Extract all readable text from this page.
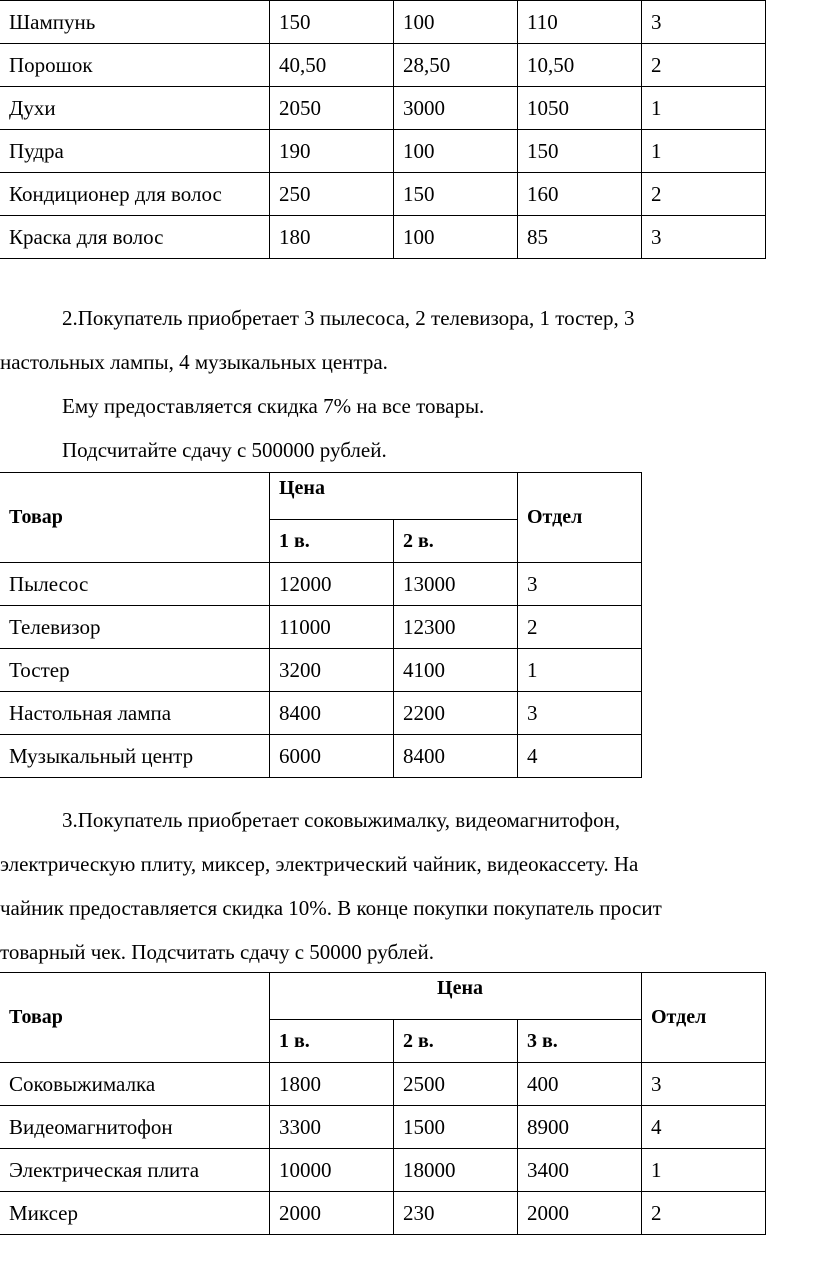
Шампунь	150	100	110	3
Порошок	40,50	28,50	10,50	2
Духи	2050	3000	1050	1
Пудра	190	100	150	1
Кондиционер для волос	250	150	160	2
Краска для волос	180	100	85	3
2.Покупатель приобретает 3 пылесоса, 2 телевизора, 1 тостер, 3
настольных лампы, 4 музыкальных центра.
Ему предоставляется скидка 7% на все товары.
Подсчитайте сдачу с 500000 рублей.
Товар	Цена		Отдел
	1 в.	2 в.	
Пылесос	12000	13000	3
Телевизор	11000	12300	2
Тостер	3200	4100	1
Настольная лампа	8400	2200	3
Музыкальный центр	6000	8400	4
3.Покупатель приобретает соковыжималку, видеомагнитофон,
электрическую плиту, миксер, электрический чайник, видеокассету. На
чайник предоставляется скидка 10%. В конце покупки покупатель просит
товарный чек. Подсчитать сдачу с 50000 рублей.
Товар	Цена			Отдел
	1 в.	2 в.	3 в.	
Соковыжималка	1800	2500	400	3
Видеомагнитофон	3300	1500	8900	4
Электрическая плита	10000	18000	3400	1
Миксер	2000	230	2000	2
